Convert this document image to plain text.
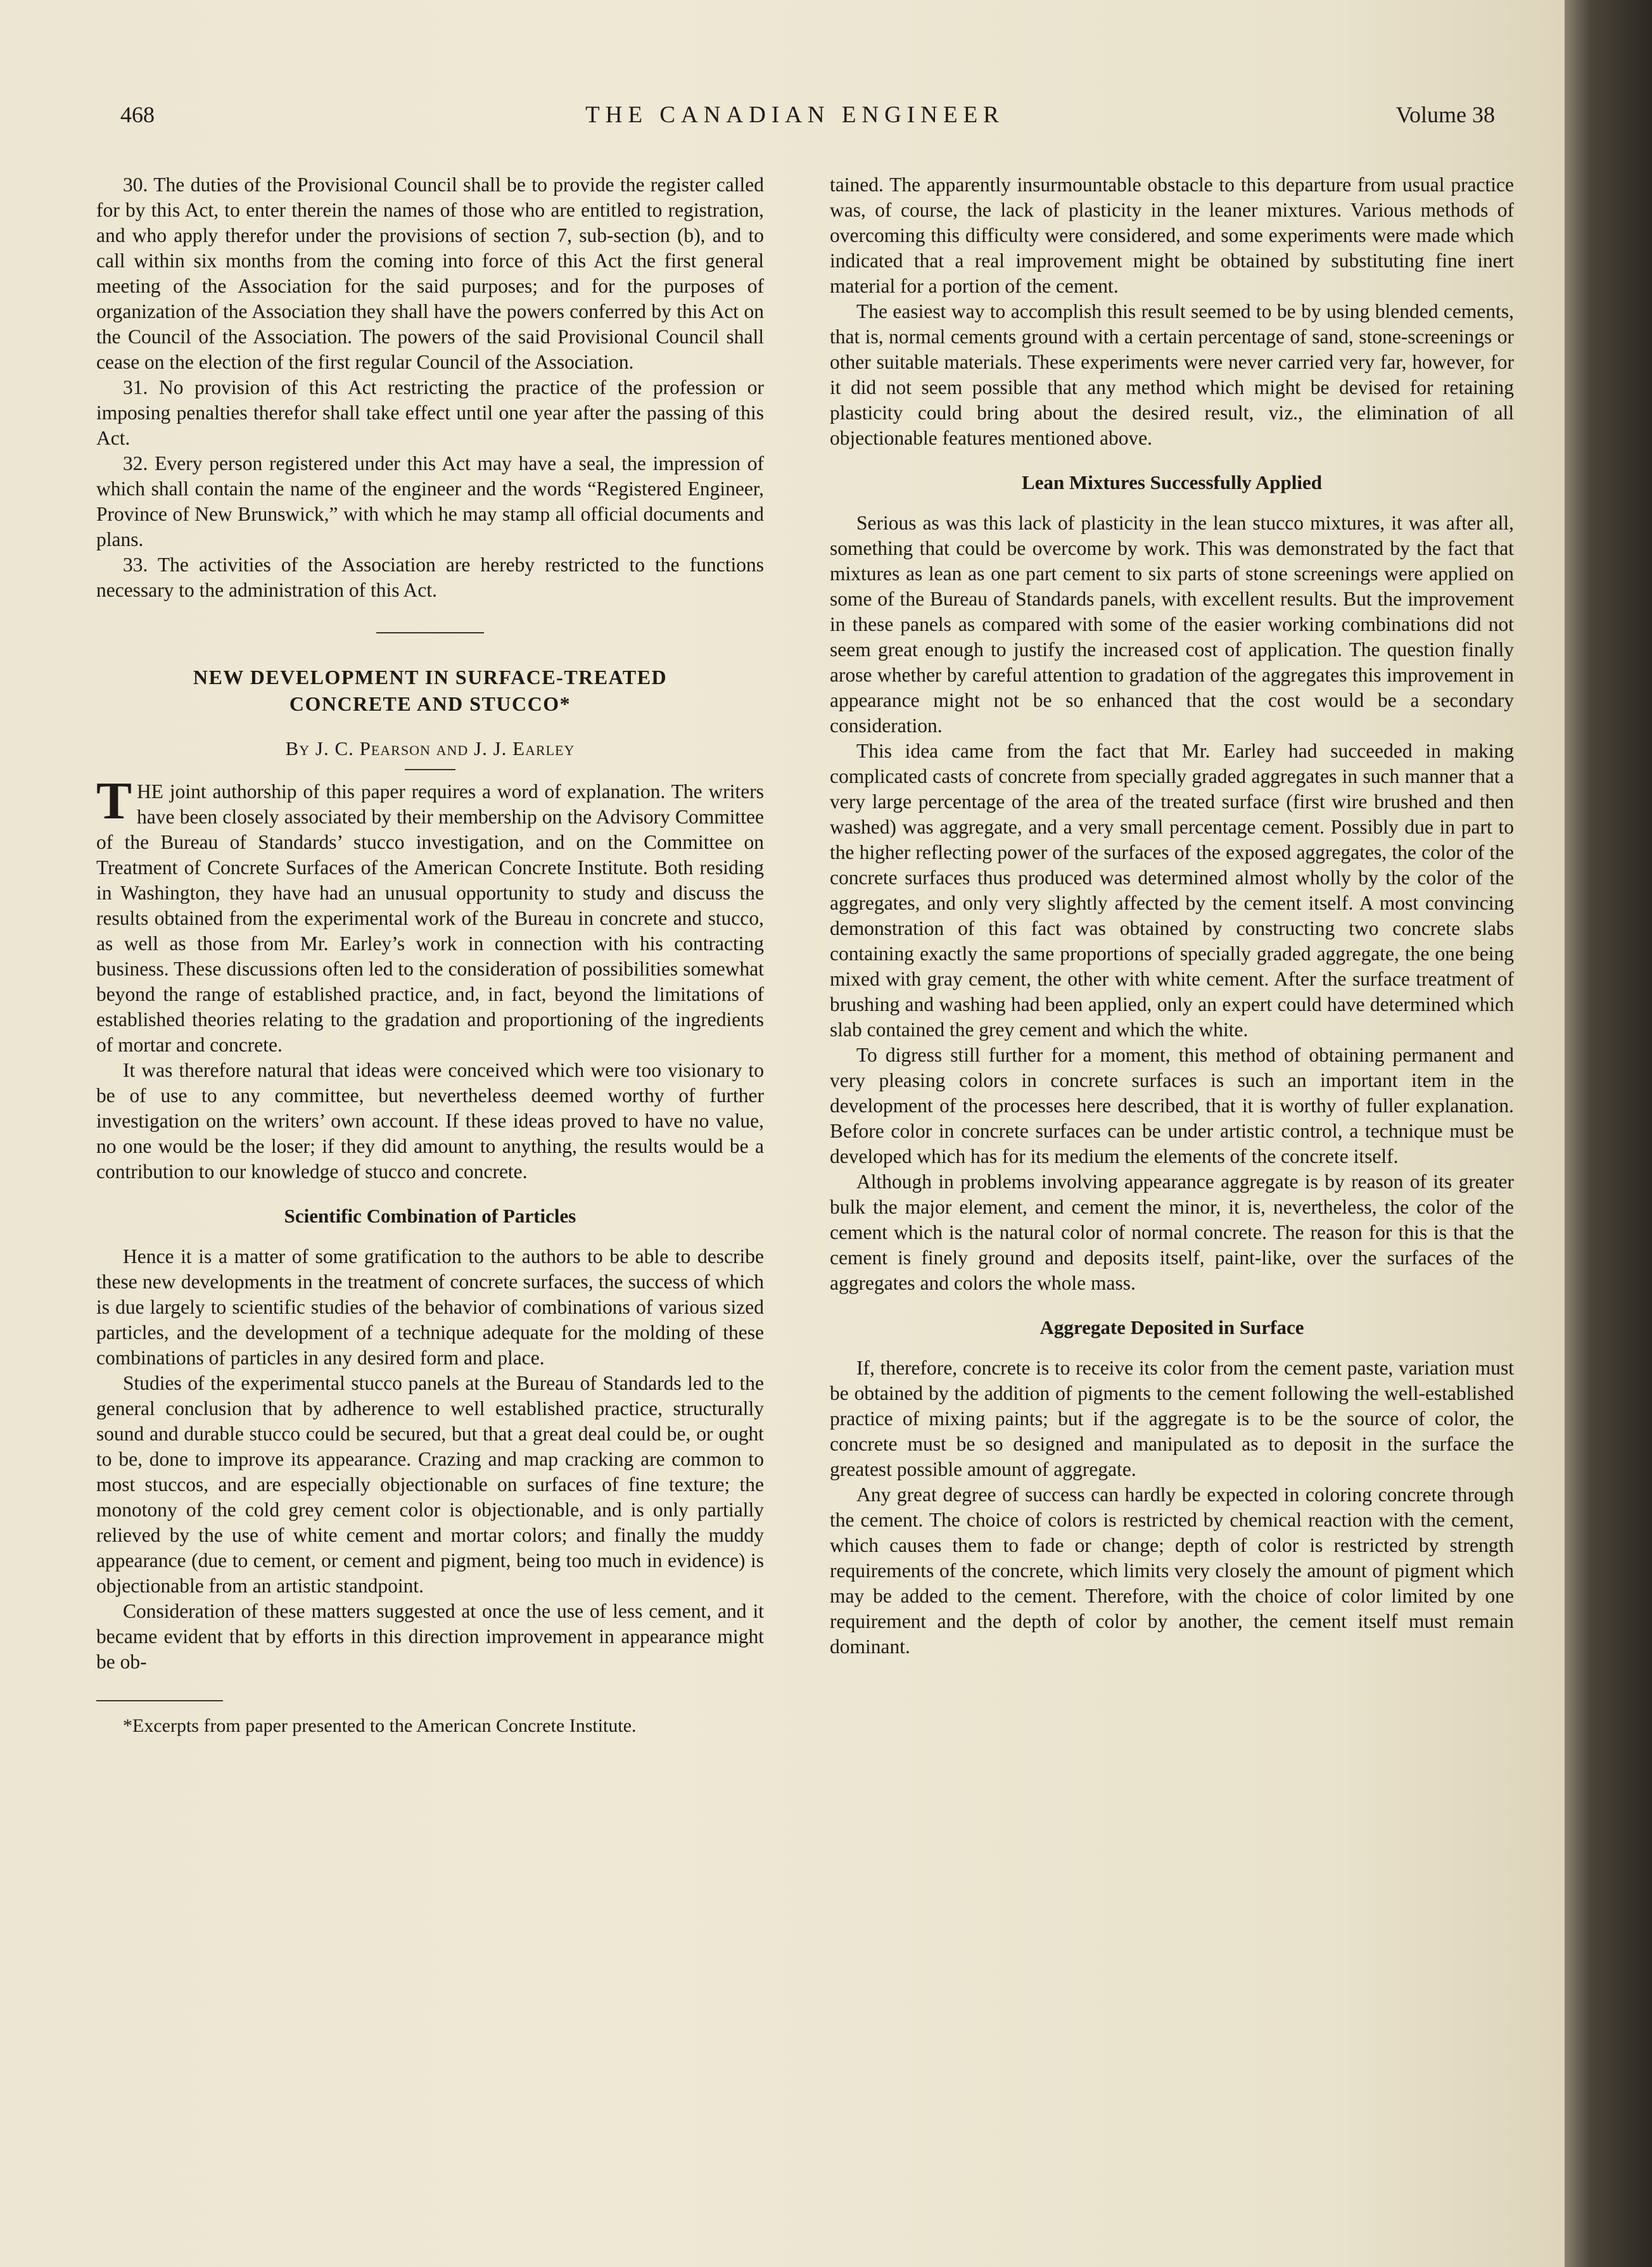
468	THE CANADIAN ENGINEER	Volume 38

30. The duties of the Provisional Council shall be to provide the register called for by this Act, to enter therein the names of those who are entitled to registration, and who apply therefor under the provisions of section 7, sub-section (b), and to call within six months from the coming into force of this Act the first general meeting of the Association for the said purposes; and for the purposes of organization of the Association they shall have the powers conferred by this Act on the Council of the Association. The powers of the said Provisional Council shall cease on the election of the first regular Council of the Association.

31. No provision of this Act restricting the practice of the profession or imposing penalties therefor shall take effect until one year after the passing of this Act.

32. Every person registered under this Act may have a seal, the impression of which shall contain the name of the engineer and the words “Registered Engineer, Province of New Brunswick,” with which he may stamp all official documents and plans.

33. The activities of the Association are hereby restricted to the functions necessary to the administration of this Act.

NEW DEVELOPMENT IN SURFACE-TREATED
CONCRETE AND STUCCO*

By J. C. Pearson and J. J. Earley

THE joint authorship of this paper requires a word of explanation. The writers have been closely associated by their membership on the Advisory Committee of the Bureau of Standards’ stucco investigation, and on the Committee on Treatment of Concrete Surfaces of the American Concrete Institute. Both residing in Washington, they have had an unusual opportunity to study and discuss the results obtained from the experimental work of the Bureau in concrete and stucco, as well as those from Mr. Earley’s work in connection with his contracting business. These discussions often led to the consideration of possibilities somewhat beyond the range of established practice, and, in fact, beyond the limitations of established theories relating to the gradation and proportioning of the ingredients of mortar and concrete.

It was therefore natural that ideas were conceived which were too visionary to be of use to any committee, but nevertheless deemed worthy of further investigation on the writers’ own account. If these ideas proved to have no value, no one would be the loser; if they did amount to anything, the results would be a contribution to our knowledge of stucco and concrete.

Scientific Combination of Particles

Hence it is a matter of some gratification to the authors to be able to describe these new developments in the treatment of concrete surfaces, the success of which is due largely to scientific studies of the behavior of combinations of various sized particles, and the development of a technique adequate for the molding of these combinations of particles in any desired form and place.

Studies of the experimental stucco panels at the Bureau of Standards led to the general conclusion that by adherence to well established practice, structurally sound and durable stucco could be secured, but that a great deal could be, or ought to be, done to improve its appearance. Crazing and map cracking are common to most stuccos, and are especially objectionable on surfaces of fine texture; the monotony of the cold grey cement color is objectionable, and is only partially relieved by the use of white cement and mortar colors; and finally the muddy appearance (due to cement, or cement and pigment, being too much in evidence) is objectionable from an artistic standpoint.

Consideration of these matters suggested at once the use of less cement, and it became evident that by efforts in this direction improvement in appearance might be ob-

*Excerpts from paper presented to the American Concrete Institute.

tained. The apparently insurmountable obstacle to this departure from usual practice was, of course, the lack of plasticity in the leaner mixtures. Various methods of overcoming this difficulty were considered, and some experiments were made which indicated that a real improvement might be obtained by substituting fine inert material for a portion of the cement.

The easiest way to accomplish this result seemed to be by using blended cements, that is, normal cements ground with a certain percentage of sand, stone-screenings or other suitable materials. These experiments were never carried very far, however, for it did not seem possible that any method which might be devised for retaining plasticity could bring about the desired result, viz., the elimination of all objectionable features mentioned above.

Lean Mixtures Successfully Applied

Serious as was this lack of plasticity in the lean stucco mixtures, it was after all, something that could be overcome by work. This was demonstrated by the fact that mixtures as lean as one part cement to six parts of stone screenings were applied on some of the Bureau of Standards panels, with excellent results. But the improvement in these panels as compared with some of the easier working combinations did not seem great enough to justify the increased cost of application. The question finally arose whether by careful attention to gradation of the aggregates this improvement in appearance might not be so enhanced that the cost would be a secondary consideration.

This idea came from the fact that Mr. Earley had succeeded in making complicated casts of concrete from specially graded aggregates in such manner that a very large percentage of the area of the treated surface (first wire brushed and then washed) was aggregate, and a very small percentage cement. Possibly due in part to the higher reflecting power of the surfaces of the exposed aggregates, the color of the concrete surfaces thus produced was determined almost wholly by the color of the aggregates, and only very slightly affected by the cement itself. A most convincing demonstration of this fact was obtained by constructing two concrete slabs containing exactly the same proportions of specially graded aggregate, the one being mixed with gray cement, the other with white cement. After the surface treatment of brushing and washing had been applied, only an expert could have determined which slab contained the grey cement and which the white.

To digress still further for a moment, this method of obtaining permanent and very pleasing colors in concrete surfaces is such an important item in the development of the processes here described, that it is worthy of fuller explanation. Before color in concrete surfaces can be under artistic control, a technique must be developed which has for its medium the elements of the concrete itself.

Although in problems involving appearance aggregate is by reason of its greater bulk the major element, and cement the minor, it is, nevertheless, the color of the cement which is the natural color of normal concrete. The reason for this is that the cement is finely ground and deposits itself, paint-like, over the surfaces of the aggregates and colors the whole mass.

Aggregate Deposited in Surface

If, therefore, concrete is to receive its color from the cement paste, variation must be obtained by the addition of pigments to the cement following the well-established practice of mixing paints; but if the aggregate is to be the source of color, the concrete must be so designed and manipulated as to deposit in the surface the greatest possible amount of aggregate.

Any great degree of success can hardly be expected in coloring concrete through the cement. The choice of colors is restricted by chemical reaction with the cement, which causes them to fade or change; depth of color is restricted by strength requirements of the concrete, which limits very closely the amount of pigment which may be added to the cement. Therefore, with the choice of color limited by one requirement and the depth of color by another, the cement itself must remain dominant.
